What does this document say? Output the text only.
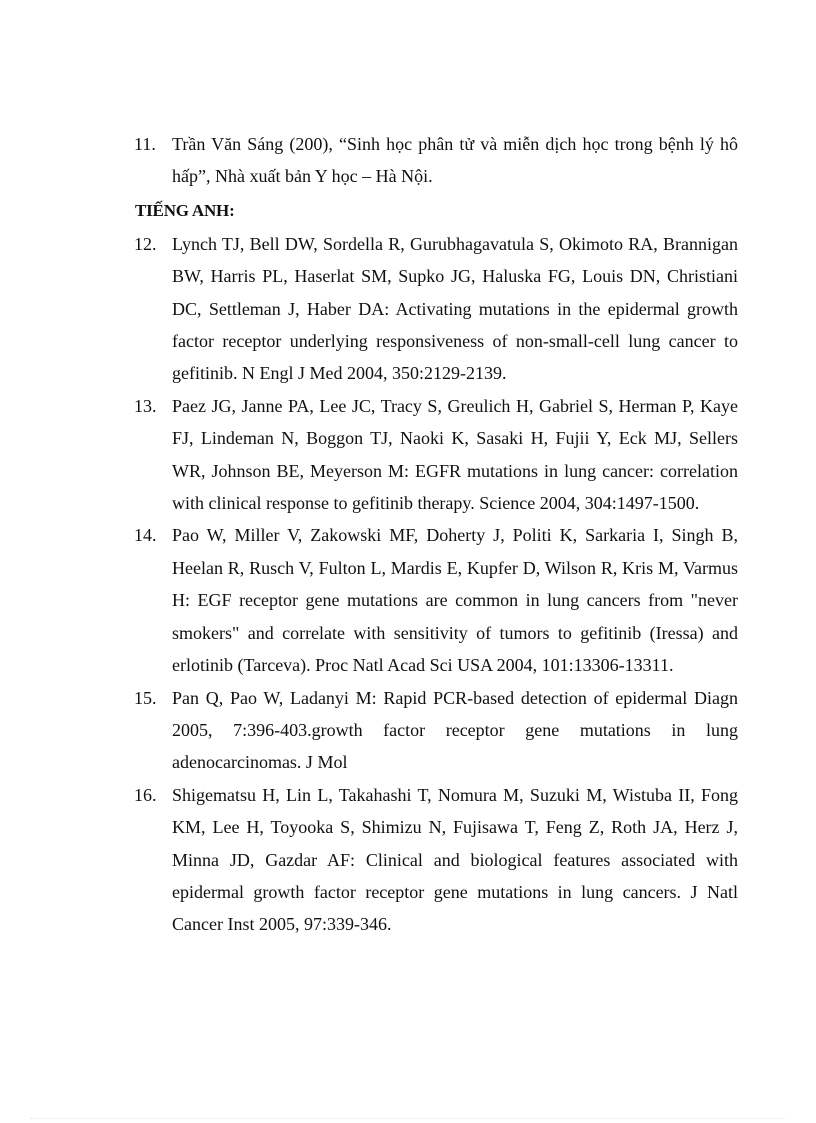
11. Trần Văn Sáng (200), “Sinh học phân tử và miễn dịch học trong bệnh lý hô hấp”, Nhà xuất bản Y học – Hà Nội.

TIẾNG ANH:

12. Lynch TJ, Bell DW, Sordella R, Gurubhagavatula S, Okimoto RA, Brannigan BW, Harris PL, Haserlat SM, Supko JG, Haluska FG, Louis DN, Christiani DC, Settleman J, Haber DA: Activating mutations in the epidermal growth factor receptor underlying responsiveness of non-small-cell lung cancer to gefitinib. N Engl J Med 2004, 350:2129-2139.

13. Paez JG, Janne PA, Lee JC, Tracy S, Greulich H, Gabriel S, Herman P, Kaye FJ, Lindeman N, Boggon TJ, Naoki K, Sasaki H, Fujii Y, Eck MJ, Sellers WR, Johnson BE, Meyerson M: EGFR mutations in lung cancer: correlation with clinical response to gefitinib therapy. Science 2004, 304:1497-1500.

14. Pao W, Miller V, Zakowski MF, Doherty J, Politi K, Sarkaria I, Singh B, Heelan R, Rusch V, Fulton L, Mardis E, Kupfer D, Wilson R, Kris M, Varmus H: EGF receptor gene mutations are common in lung cancers from "never smokers" and correlate with sensitivity of tumors to gefitinib (Iressa) and erlotinib (Tarceva). Proc Natl Acad Sci USA 2004, 101:13306-13311.

15. Pan Q, Pao W, Ladanyi M: Rapid PCR-based detection of epidermal Diagn 2005, 7:396-403.growth factor receptor gene mutations in lung adenocarcinomas. J Mol

16. Shigematsu H, Lin L, Takahashi T, Nomura M, Suzuki M, Wistuba II, Fong KM, Lee H, Toyooka S, Shimizu N, Fujisawa T, Feng Z, Roth JA, Herz J, Minna JD, Gazdar AF: Clinical and biological features associated with epidermal growth factor receptor gene mutations in lung cancers. J Natl Cancer Inst 2005, 97:339-346.
